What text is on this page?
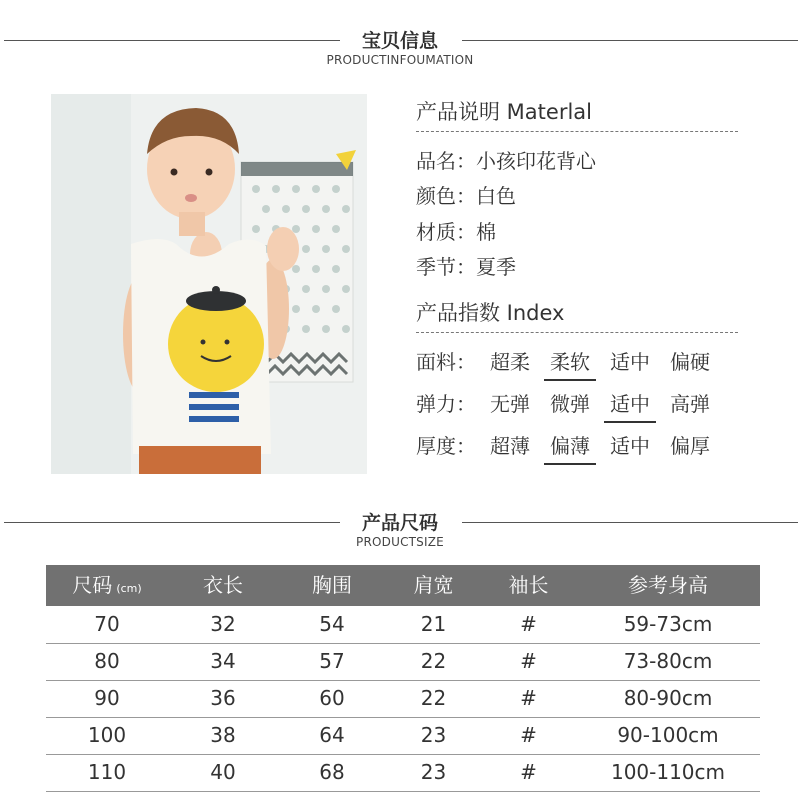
宝贝信息
PRODUCTINFOUMATION
产品说明 Materlal
品名：小孩印花背心
颜色：白色
材质：棉
季节：夏季
产品指数 Index
面料： 超柔 柔软 适中 偏硬
弹力： 无弹 微弹 适中 高弹
厚度： 超薄 偏薄 适中 偏厚
产品尺码
PRODUCTSIZE
尺码 (cm)	衣长	胸围	肩宽	袖长	参考身高
70	32	54	21	#	59-73cm
80	34	57	22	#	73-80cm
90	36	60	22	#	80-90cm
100	38	64	23	#	90-100cm
110	40	68	23	#	100-110cm
